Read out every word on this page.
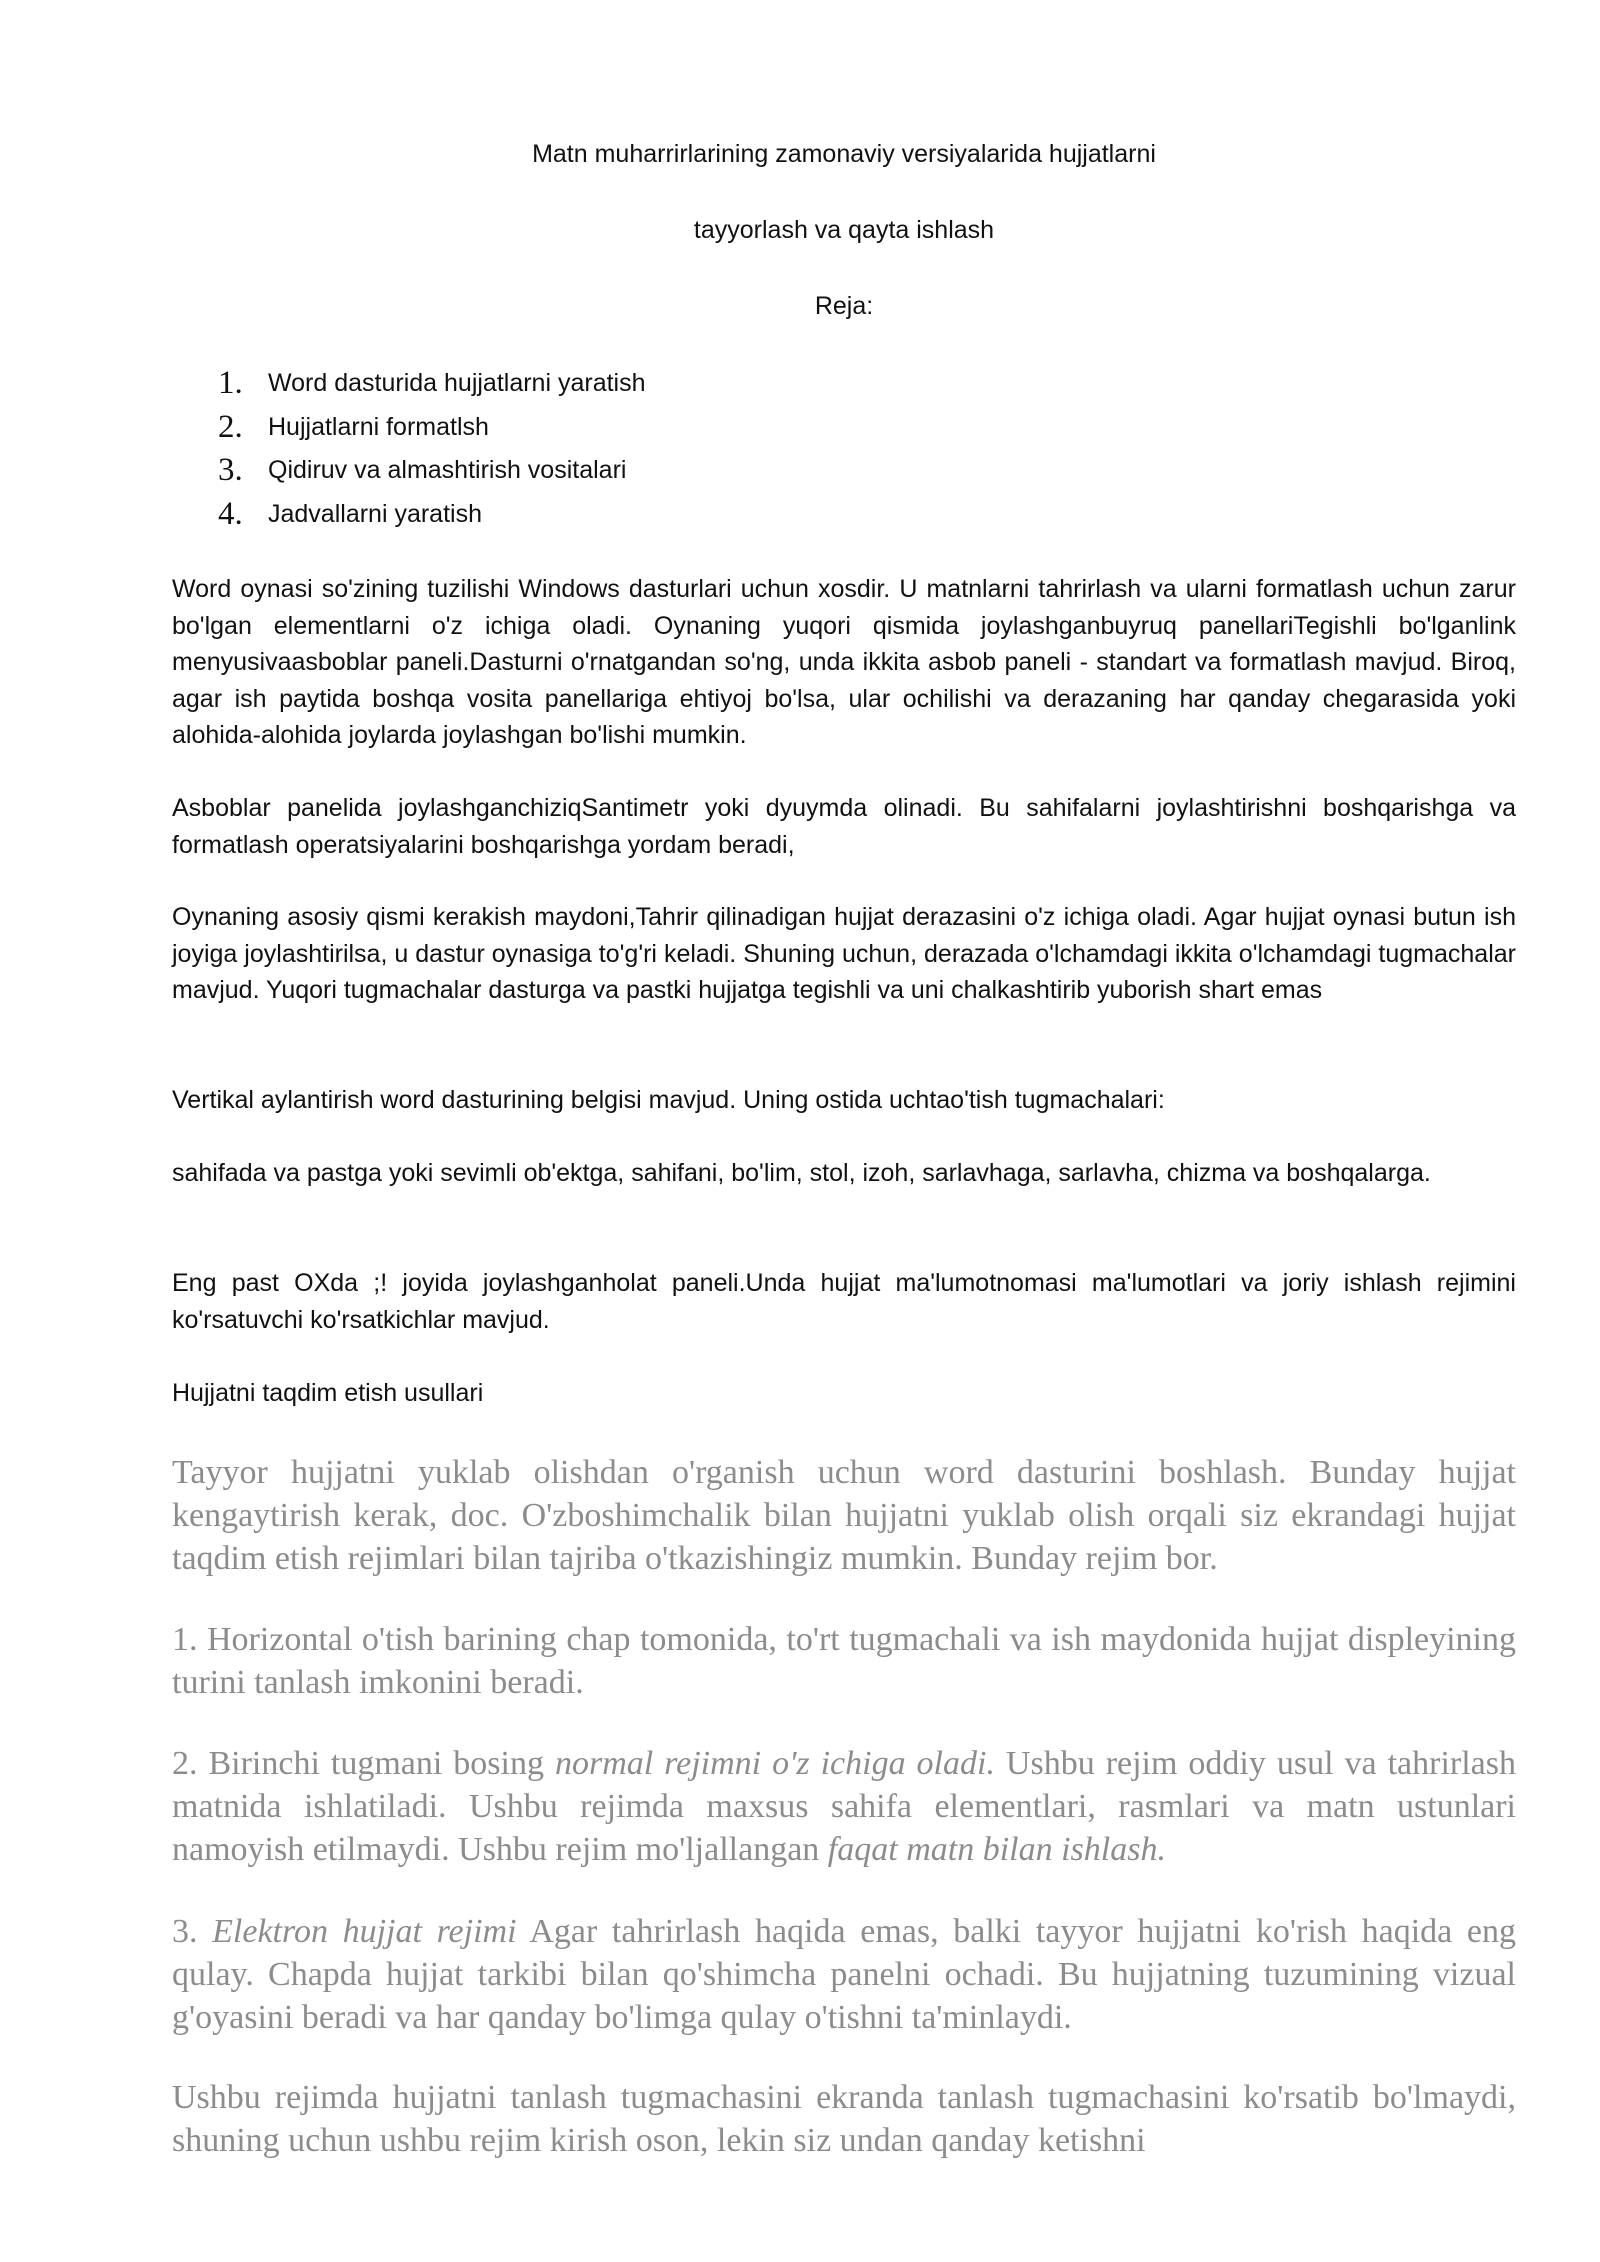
Matn muharrirlarining zamonaviy versiyalarida hujjatlarni

tayyorlash va qayta ishlash

Reja:

1.	Word dasturida hujjatlarni yaratish
2.	Hujjatlarni formatlsh
3.	Qidiruv va almashtirish vositalari
4.	Jadvallarni yaratish

Word oynasi so'zining tuzilishi Windows dasturlari uchun xosdir. U matnlarni tahrirlash va ularni formatlash uchun zarur bo'lgan elementlarni o'z ichiga oladi. Oynaning yuqori qismida joylashganbuyruq panellariTegishli bo'lganlink menyusivaasboblar paneli.Dasturni o'rnatgandan so'ng, unda ikkita asbob paneli - standart va formatlash mavjud. Biroq, agar ish paytida boshqa vosita panellariga ehtiyoj bo'lsa, ular ochilishi va derazaning har qanday chegarasida yoki alohida-alohida joylarda joylashgan bo'lishi mumkin.

Asboblar panelida joylashganchiziqSantimetr yoki dyuymda olinadi. Bu sahifalarni joylashtirishni boshqarishga va formatlash operatsiyalarini boshqarishga yordam beradi,

Oynaning asosiy qismi kerakish maydoni,Tahrir qilinadigan hujjat derazasini o'z ichiga oladi. Agar hujjat oynasi butun ish joyiga joylashtirilsa, u dastur oynasiga to'g'ri keladi. Shuning uchun, derazada o'lchamdagi ikkita o'lchamdagi tugmachalar mavjud. Yuqori tugmachalar dasturga va pastki hujjatga tegishli va uni chalkashtirib yuborish shart emas

Vertikal aylantirish word dasturining belgisi mavjud. Uning ostida uchtao'tish tugmachalari:

sahifada va pastga yoki sevimli ob'ektga, sahifani, bo'lim, stol, izoh, sarlavhaga, sarlavha, chizma va boshqalarga.

Eng past OXda ;! joyida joylashganholat paneli.Unda hujjat ma'lumotnomasi ma'lumotlari va joriy ishlash rejimini ko'rsatuvchi ko'rsatkichlar mavjud.

Hujjatni taqdim etish usullari

Tayyor hujjatni yuklab olishdan o'rganish uchun word dasturini boshlash. Bunday hujjat kengaytirish kerak, doc. O'zboshimchalik bilan hujjatni yuklab olish orqali siz ekrandagi hujjat taqdim etish rejimlari bilan tajriba o'tkazishingiz mumkin. Bunday rejim bor.

1. Horizontal o'tish barining chap tomonida, to'rt tugmachali va ish maydonida hujjat displeyining turini tanlash imkonini beradi.

2. Birinchi tugmani bosing normal rejimni o'z ichiga oladi. Ushbu rejim oddiy usul va tahrirlash matnida ishlatiladi. Ushbu rejimda maxsus sahifa elementlari, rasmlari va matn ustunlari namoyish etilmaydi. Ushbu rejim mo'ljallangan faqat matn bilan ishlash.

3. Elektron hujjat rejimi Agar tahrirlash haqida emas, balki tayyor hujjatni ko'rish haqida eng qulay. Chapda hujjat tarkibi bilan qo'shimcha panelni ochadi. Bu hujjatning tuzumining vizual g'oyasini beradi va har qanday bo'limga qulay o'tishni ta'minlaydi.

Ushbu rejimda hujjatni tanlash tugmachasini ekranda tanlash tugmachasini ko'rsatib bo'lmaydi, shuning uchun ushbu rejim kirish oson, lekin siz undan qanday ketishni
